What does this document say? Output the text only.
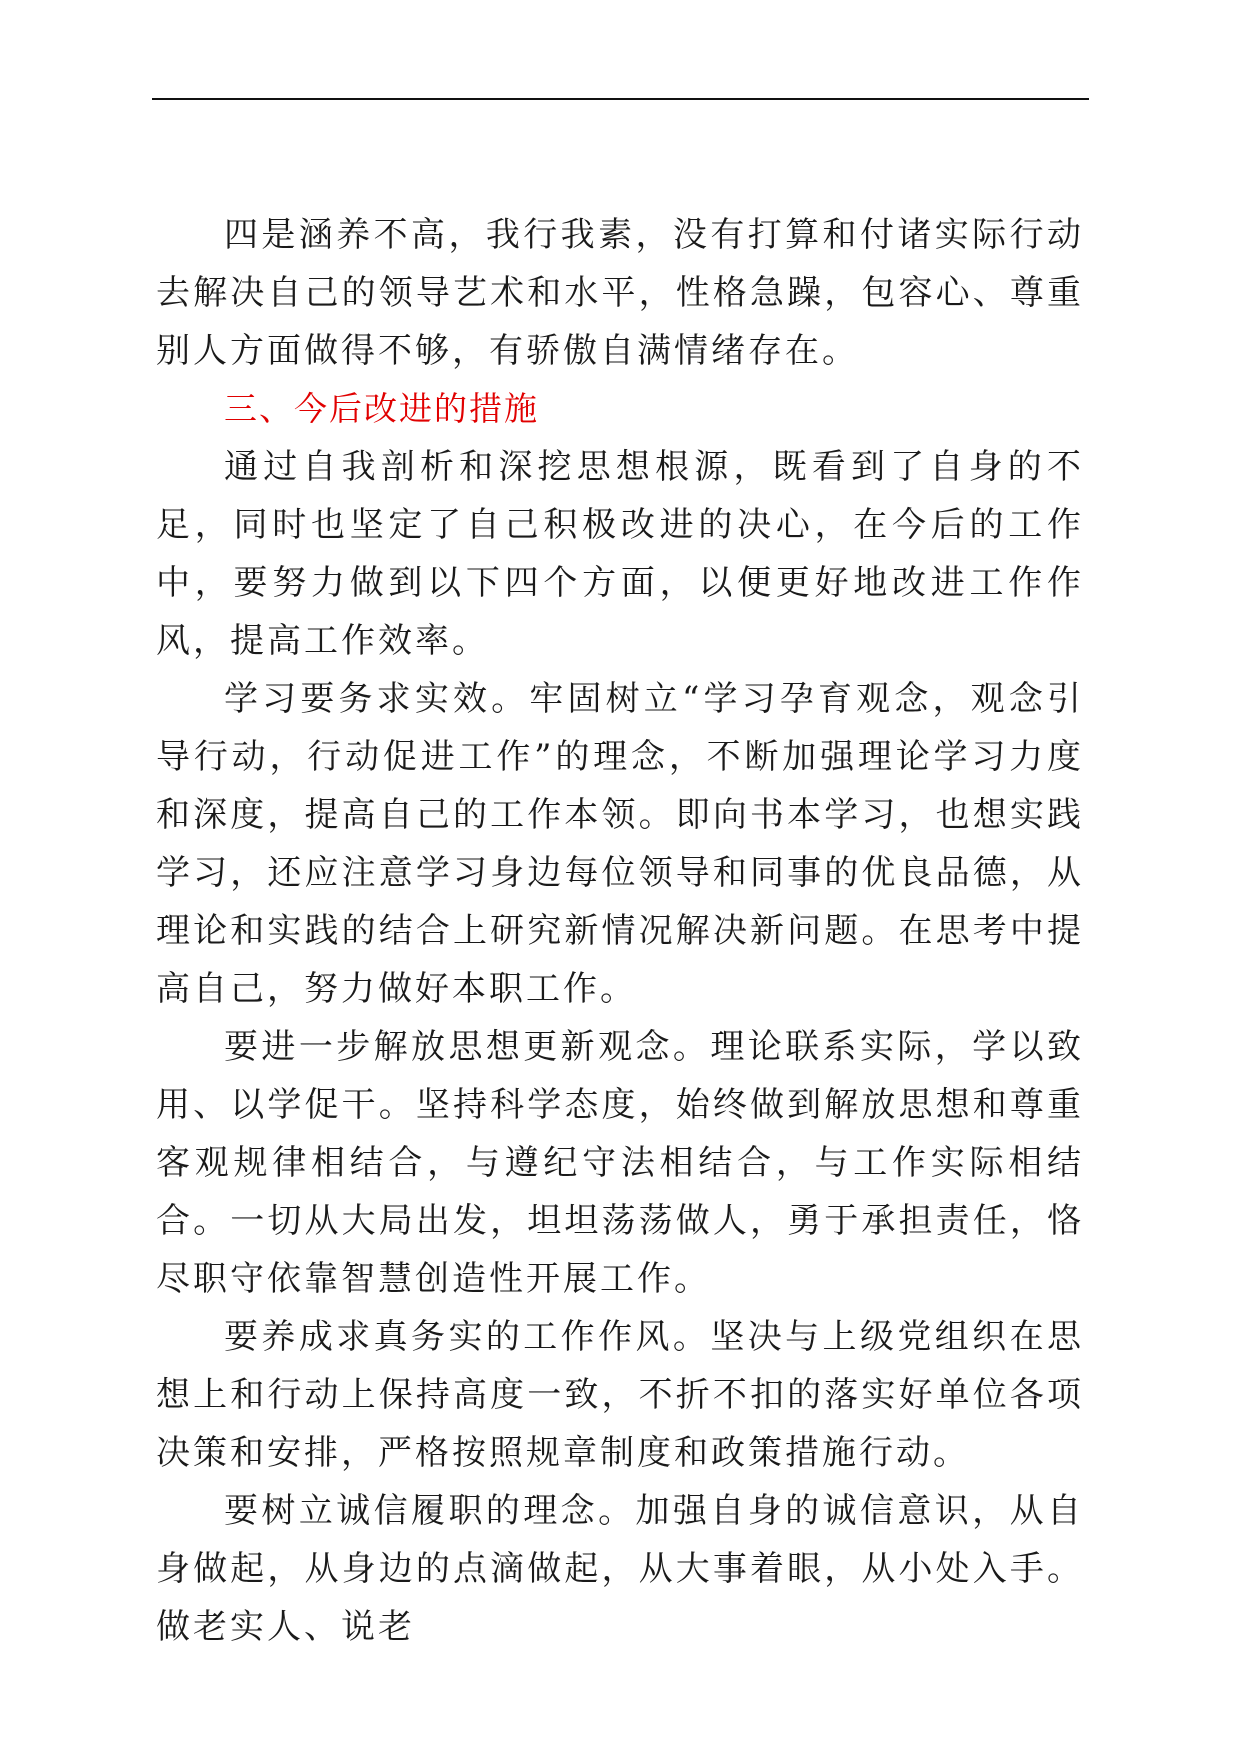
四是涵养不高，我行我素，没有打算和付诸实际行动去解决自己的领导艺术和水平，性格急躁，包容心、尊重别人方面做得不够，有骄傲自满情绪存在。

三、今后改进的措施

通过自我剖析和深挖思想根源，既看到了自身的不足，同时也坚定了自己积极改进的决心，在今后的工作中，要努力做到以下四个方面，以便更好地改进工作作风，提高工作效率。

学习要务求实效。牢固树立“学习孕育观念，观念引导行动，行动促进工作”的理念，不断加强理论学习力度和深度，提高自己的工作本领。即向书本学习，也想实践学习，还应注意学习身边每位领导和同事的优良品德，从理论和实践的结合上研究新情况解决新问题。在思考中提高自己，努力做好本职工作。

要进一步解放思想更新观念。理论联系实际，学以致用、以学促干。坚持科学态度，始终做到解放思想和尊重客观规律相结合，与遵纪守法相结合，与工作实际相结合。一切从大局出发，坦坦荡荡做人，勇于承担责任，恪尽职守依靠智慧创造性开展工作。

要养成求真务实的工作作风。坚决与上级党组织在思想上和行动上保持高度一致，不折不扣的落实好单位各项决策和安排，严格按照规章制度和政策措施行动。

要树立诚信履职的理念。加强自身的诚信意识，从自身做起，从身边的点滴做起，从大事着眼，从小处入手。做老实人、说老
